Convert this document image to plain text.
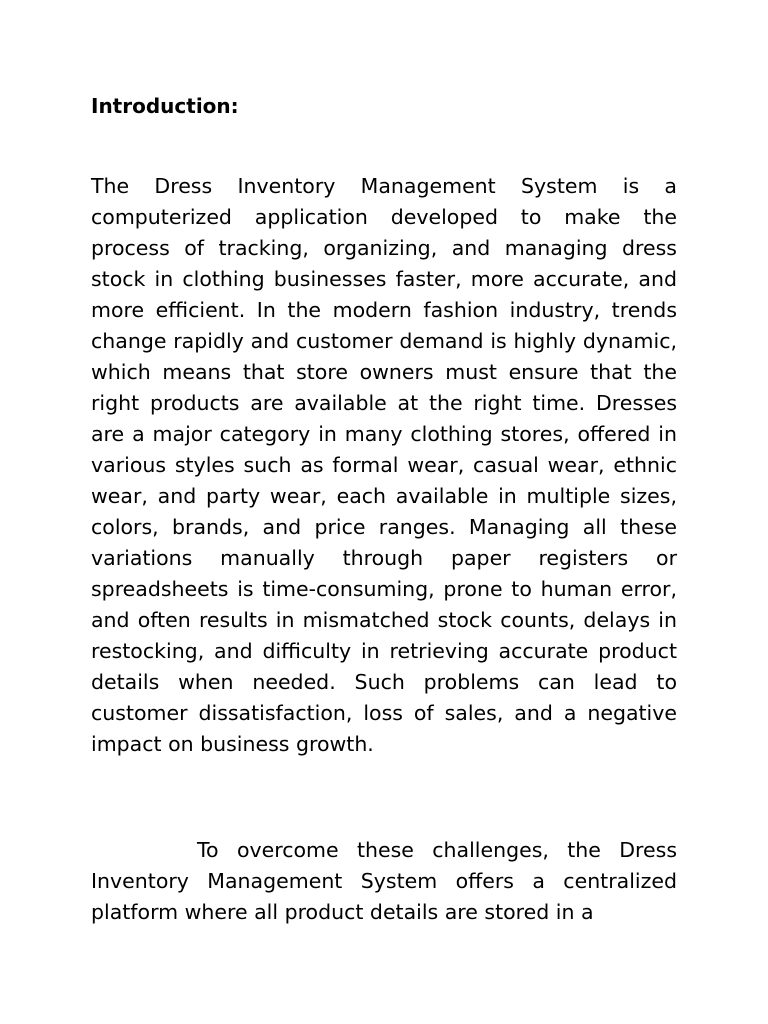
Introduction:

The Dress Inventory Management System is a computerized application developed to make the process of tracking, organizing, and managing dress stock in clothing businesses faster, more accurate, and more efficient. In the modern fashion industry, trends change rapidly and customer demand is highly dynamic, which means that store owners must ensure that the right products are available at the right time. Dresses are a major category in many clothing stores, offered in various styles such as formal wear, casual wear, ethnic wear, and party wear, each available in multiple sizes, colors, brands, and price ranges. Managing all these variations manually through paper registers or spreadsheets is time-consuming, prone to human error, and often results in mismatched stock counts, delays in restocking, and difficulty in retrieving accurate product details when needed. Such problems can lead to customer dissatisfaction, loss of sales, and a negative impact on business growth.

To overcome these challenges, the Dress Inventory Management System offers a centralized platform where all product details are stored in a
